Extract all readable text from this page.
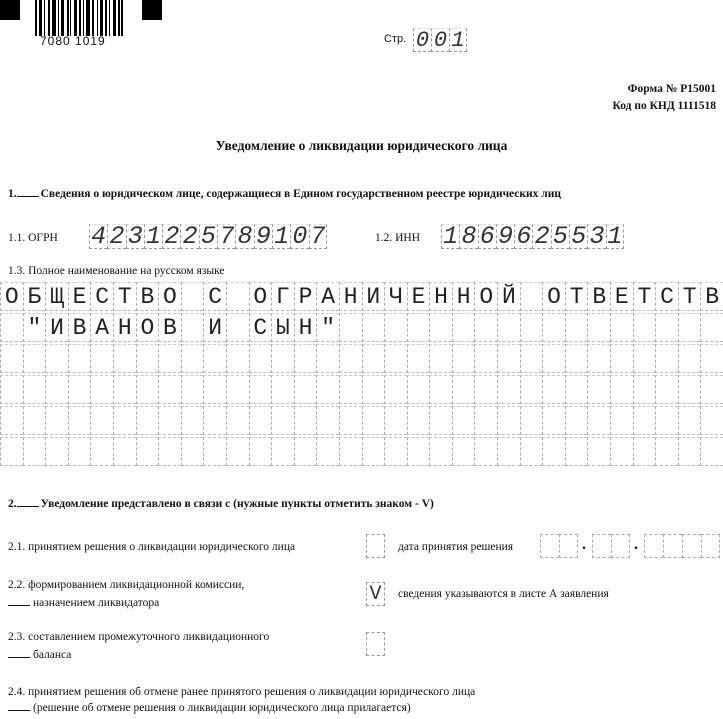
7080 1019	Стр. 0 0 1
Форма № Р15001
Код по КНД 1111518
Уведомление о ликвидации юридического лица
1. Сведения о юридическом лице, содержащиеся в Едином государственном реестре юридических лиц
1.1. ОГРН 4 2 3 1 2 2 5 7 8 9 1 0 7	1.2. ИНН 1 8 6 9 6 2 5 5 3 1
1.3. Полное наименование на русском языке
О Б Щ Е С Т В О С О Г Р А Н И Ч Е Н Н О Й О Т В Е Т С Т В
" И В А Н О В И С Ы Н "
2. Уведомление представлено в связи с (нужные пункты отметить знаком - V)
2.1. принятием решения о ликвидации юридического лица	дата принятия решения	.	.
2.2. формированием ликвидационной комиссии,
назначением ликвидатора	V сведения указываются в листе А заявления
2.3. составлением промежуточного ликвидационного
баланса
2.4. принятием решения об отмене ранее принятого решения о ликвидации юридического лица
(решение об отмене решения о ликвидации юридического лица прилагается)
